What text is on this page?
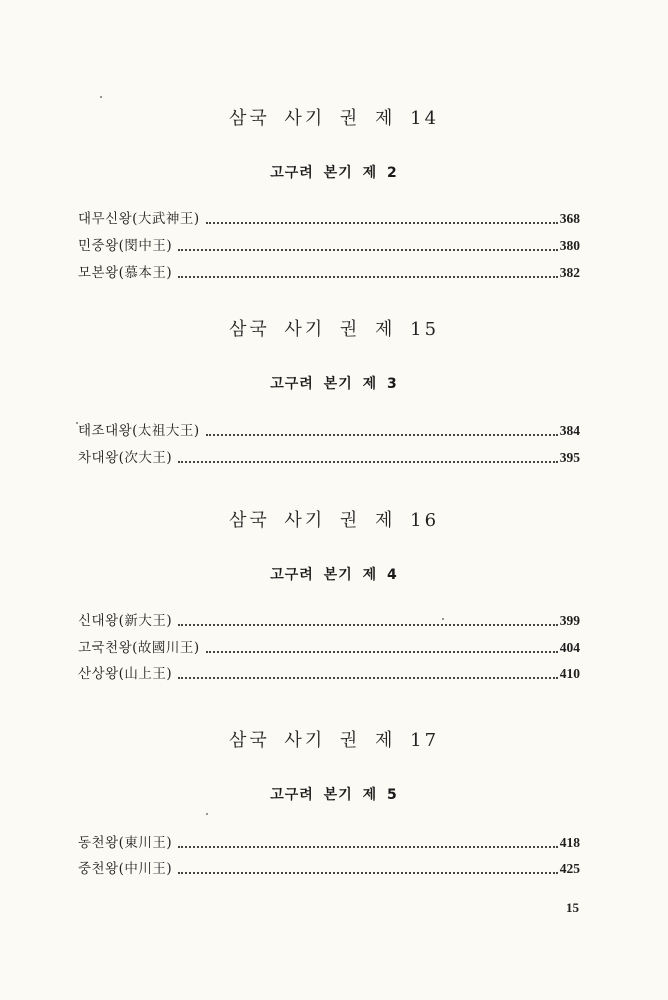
삼국 사기 권 제 14
고구려 본기 제 2
대무신왕(大武神王)	368
민중왕(閔中王)	380
모본왕(慕本王)	382
삼국 사기 권 제 15
고구려 본기 제 3
태조대왕(太祖大王)	384
차대왕(次大王)	395
삼국 사기 권 제 16
고구려 본기 제 4
신대왕(新大王)	399
고국천왕(故國川王)	404
산상왕(山上王)	410
삼국 사기 권 제 17
고구려 본기 제 5
동천왕(東川王)	418
중천왕(中川王)	425
15
